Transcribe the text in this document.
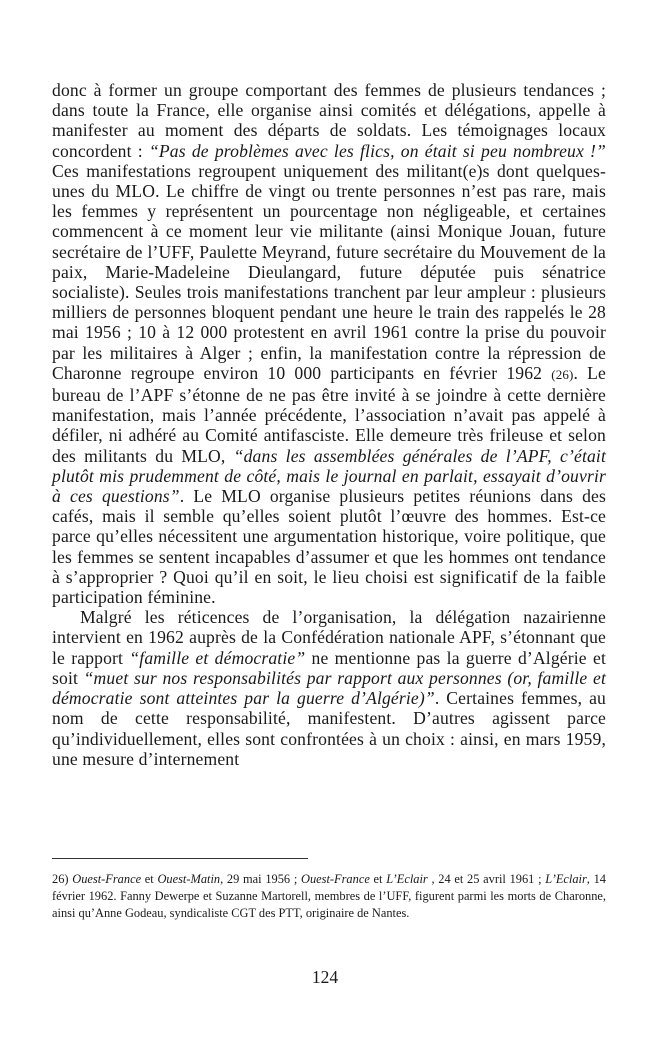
donc à former un groupe comportant des femmes de plusieurs tendances ; dans toute la France, elle organise ainsi comités et délégations, appelle à manifester au moment des départs de soldats. Les témoignages locaux concordent : “Pas de problèmes avec les flics, on était si peu nombreux !” Ces manifestations regroupent uniquement des militant(e)s dont quelques-unes du MLO. Le chiffre de vingt ou trente personnes n’est pas rare, mais les femmes y représentent un pourcentage non négligeable, et certaines commencent à ce moment leur vie militante (ainsi Monique Jouan, future secrétaire de l’UFF, Paulette Meyrand, future secrétaire du Mouvement de la paix, Marie-Madeleine Dieulangard, future députée puis sénatrice socialiste). Seules trois manifestations tranchent par leur ampleur : plusieurs milliers de personnes bloquent pendant une heure le train des rappelés le 28 mai 1956 ; 10 à 12 000 protestent en avril 1961 contre la prise du pouvoir par les militaires à Alger ; enfin, la manifestation contre la répression de Charonne regroupe environ 10 000 participants en février 1962 (26). Le bureau de l’APF s’étonne de ne pas être invité à se joindre à cette dernière manifestation, mais l’année précédente, l’association n’avait pas appelé à défiler, ni adhéré au Comité antifasciste. Elle demeure très frileuse et selon des militants du MLO, “dans les assemblées générales de l’APF, c’était plutôt mis prudemment de côté, mais le journal en parlait, essayait d’ouvrir à ces questions”. Le MLO organise plusieurs petites réunions dans des cafés, mais il semble qu’elles soient plutôt l’œuvre des hommes. Est-ce parce qu’elles nécessitent une argumentation historique, voire politique, que les femmes se sentent incapables d’assumer et que les hommes ont tendance à s’approprier ? Quoi qu’il en soit, le lieu choisi est significatif de la faible participation féminine.

Malgré les réticences de l’organisation, la délégation nazairienne intervient en 1962 auprès de la Confédération nationale APF, s’étonnant que le rapport “famille et démocratie” ne mentionne pas la guerre d’Algérie et soit “muet sur nos responsabilités par rapport aux personnes (or, famille et démocratie sont atteintes par la guerre d’Algérie)”. Certaines femmes, au nom de cette responsabilité, manifestent. D’autres agissent parce qu’individuellement, elles sont confrontées à un choix : ainsi, en mars 1959, une mesure d’internement

26) Ouest-France et Ouest-Matin, 29 mai 1956 ; Ouest-France et L’Eclair , 24 et 25 avril 1961 ; L’Eclair, 14 février 1962. Fanny Dewerpe et Suzanne Martorell, membres de l’UFF, figurent parmi les morts de Charonne, ainsi qu’Anne Godeau, syndicaliste CGT des PTT, originaire de Nantes.
124
